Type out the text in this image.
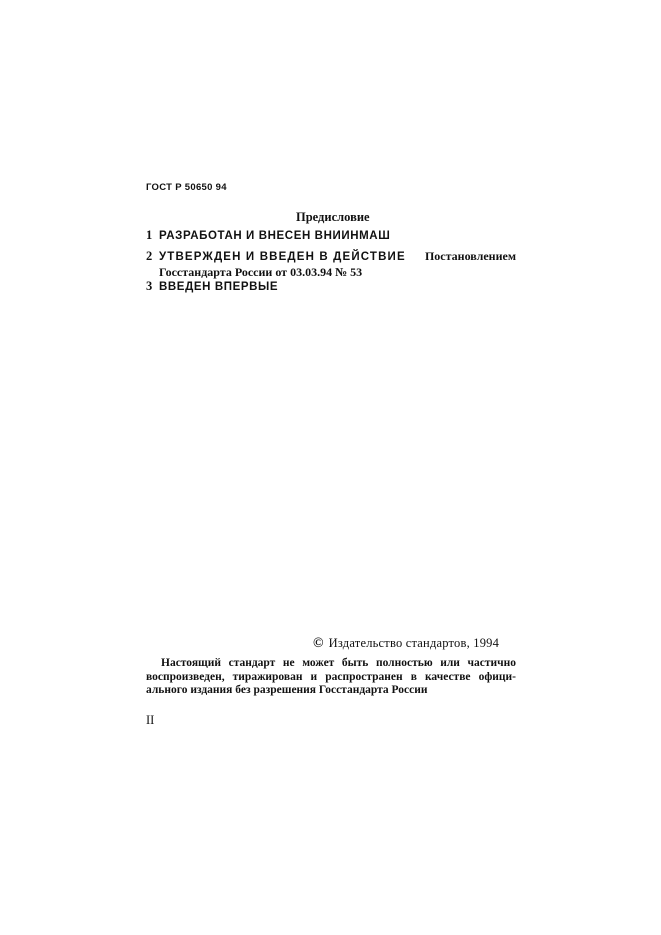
ГОСТ Р 50650 94
Предисловие
1 РАЗРАБОТАН И ВНЕСЕН ВНИИНМАШ
2 УТВЕРЖДЕН И ВВЕДЕН В ДЕЙСТВИЕ Постановлением
Госстандарта России от 03.03.94 № 53
3 ВВЕДЕН ВПЕРВЫЕ
© Издательство стандартов, 1994
Настоящий стандарт не может быть полностью или частично
воспроизведен, тиражирован и распространен в качестве офици-
ального издания без разрешения Госстандарта России
II
